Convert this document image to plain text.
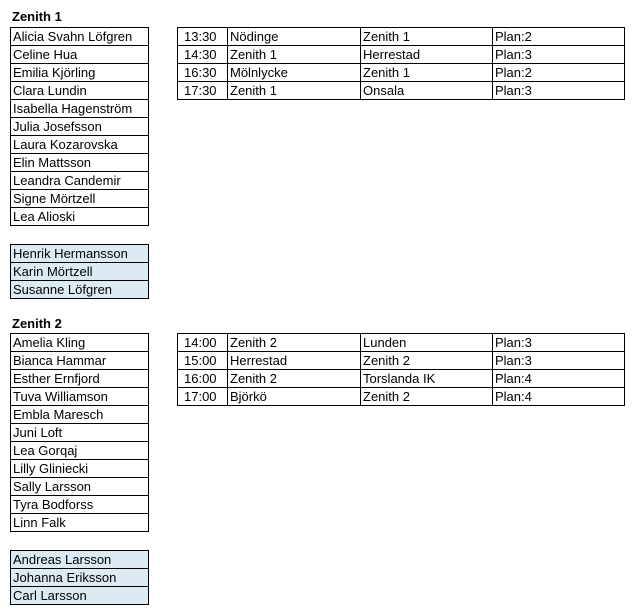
Zenith 1
Alicia Svahn Löfgren
Celine Hua
Emilia Kjörling
Clara Lundin
Isabella Hagenström
Julia Josefsson
Laura Kozarovska
Elin Mattsson
Leandra Candemir
Signe Mörtzell
Lea Alioski
13:30	Nödinge	Zenith 1	Plan:2
14:30	Zenith 1	Herrestad	Plan:3
16:30	Mölnlycke	Zenith 1	Plan:2
17:30	Zenith 1	Onsala	Plan:3
Henrik Hermansson
Karin Mörtzell
Susanne Löfgren
Zenith 2
Amelia Kling
Bianca Hammar
Esther Ernfjord
Tuva Williamson
Embla Maresch
Juni Loft
Lea Gorqaj
Lilly Gliniecki
Sally Larsson
Tyra Bodforss
Linn Falk
14:00	Zenith 2	Lunden	Plan:3
15:00	Herrestad	Zenith 2	Plan:3
16:00	Zenith 2	Torslanda IK	Plan:4
17:00	Björkö	Zenith 2	Plan:4
Andreas Larsson
Johanna Eriksson
Carl Larsson
